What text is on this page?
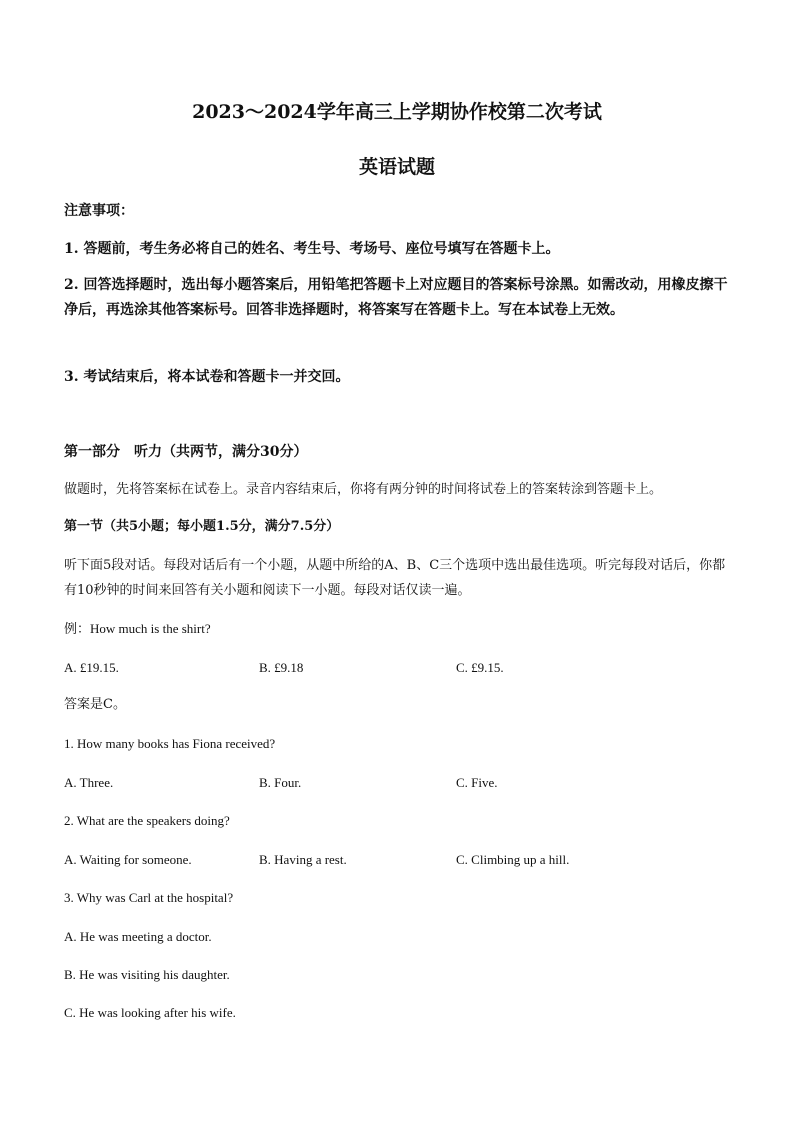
2023～2024学年高三上学期协作校第二次考试
英语试题
注意事项：
1. 答题前，考生务必将自己的姓名、考生号、考场号、座位号填写在答题卡上。
2. 回答选择题时，选出每小题答案后，用铅笔把答题卡上对应题目的答案标号涂黑。如需改动，用橡皮擦干净后，再选涂其他答案标号。回答非选择题时，将答案写在答题卡上。写在本试卷上无效。
3. 考试结束后，将本试卷和答题卡一并交回。
第一部分　听力（共两节，满分30分）
做题时，先将答案标在试卷上。录音内容结束后，你将有两分钟的时间将试卷上的答案转涂到答题卡上。
第一节（共5小题；每小题1.5分，满分7.5分）
听下面5段对话。每段对话后有一个小题，从题中所给的A、B、C三个选项中选出最佳选项。听完每段对话后，你都有10秒钟的时间来回答有关小题和阅读下一小题。每段对话仅读一遍。
例：How much is the shirt?
A. £19.15.	B. £9.18	C. £9.15.
答案是C。
1. How many books has Fiona received?
A. Three.	B. Four.	C. Five.
2. What are the speakers doing?
A. Waiting for someone.	B. Having a rest.	C. Climbing up a hill.
3. Why was Carl at the hospital?
A. He was meeting a doctor.
B. He was visiting his daughter.
C. He was looking after his wife.
